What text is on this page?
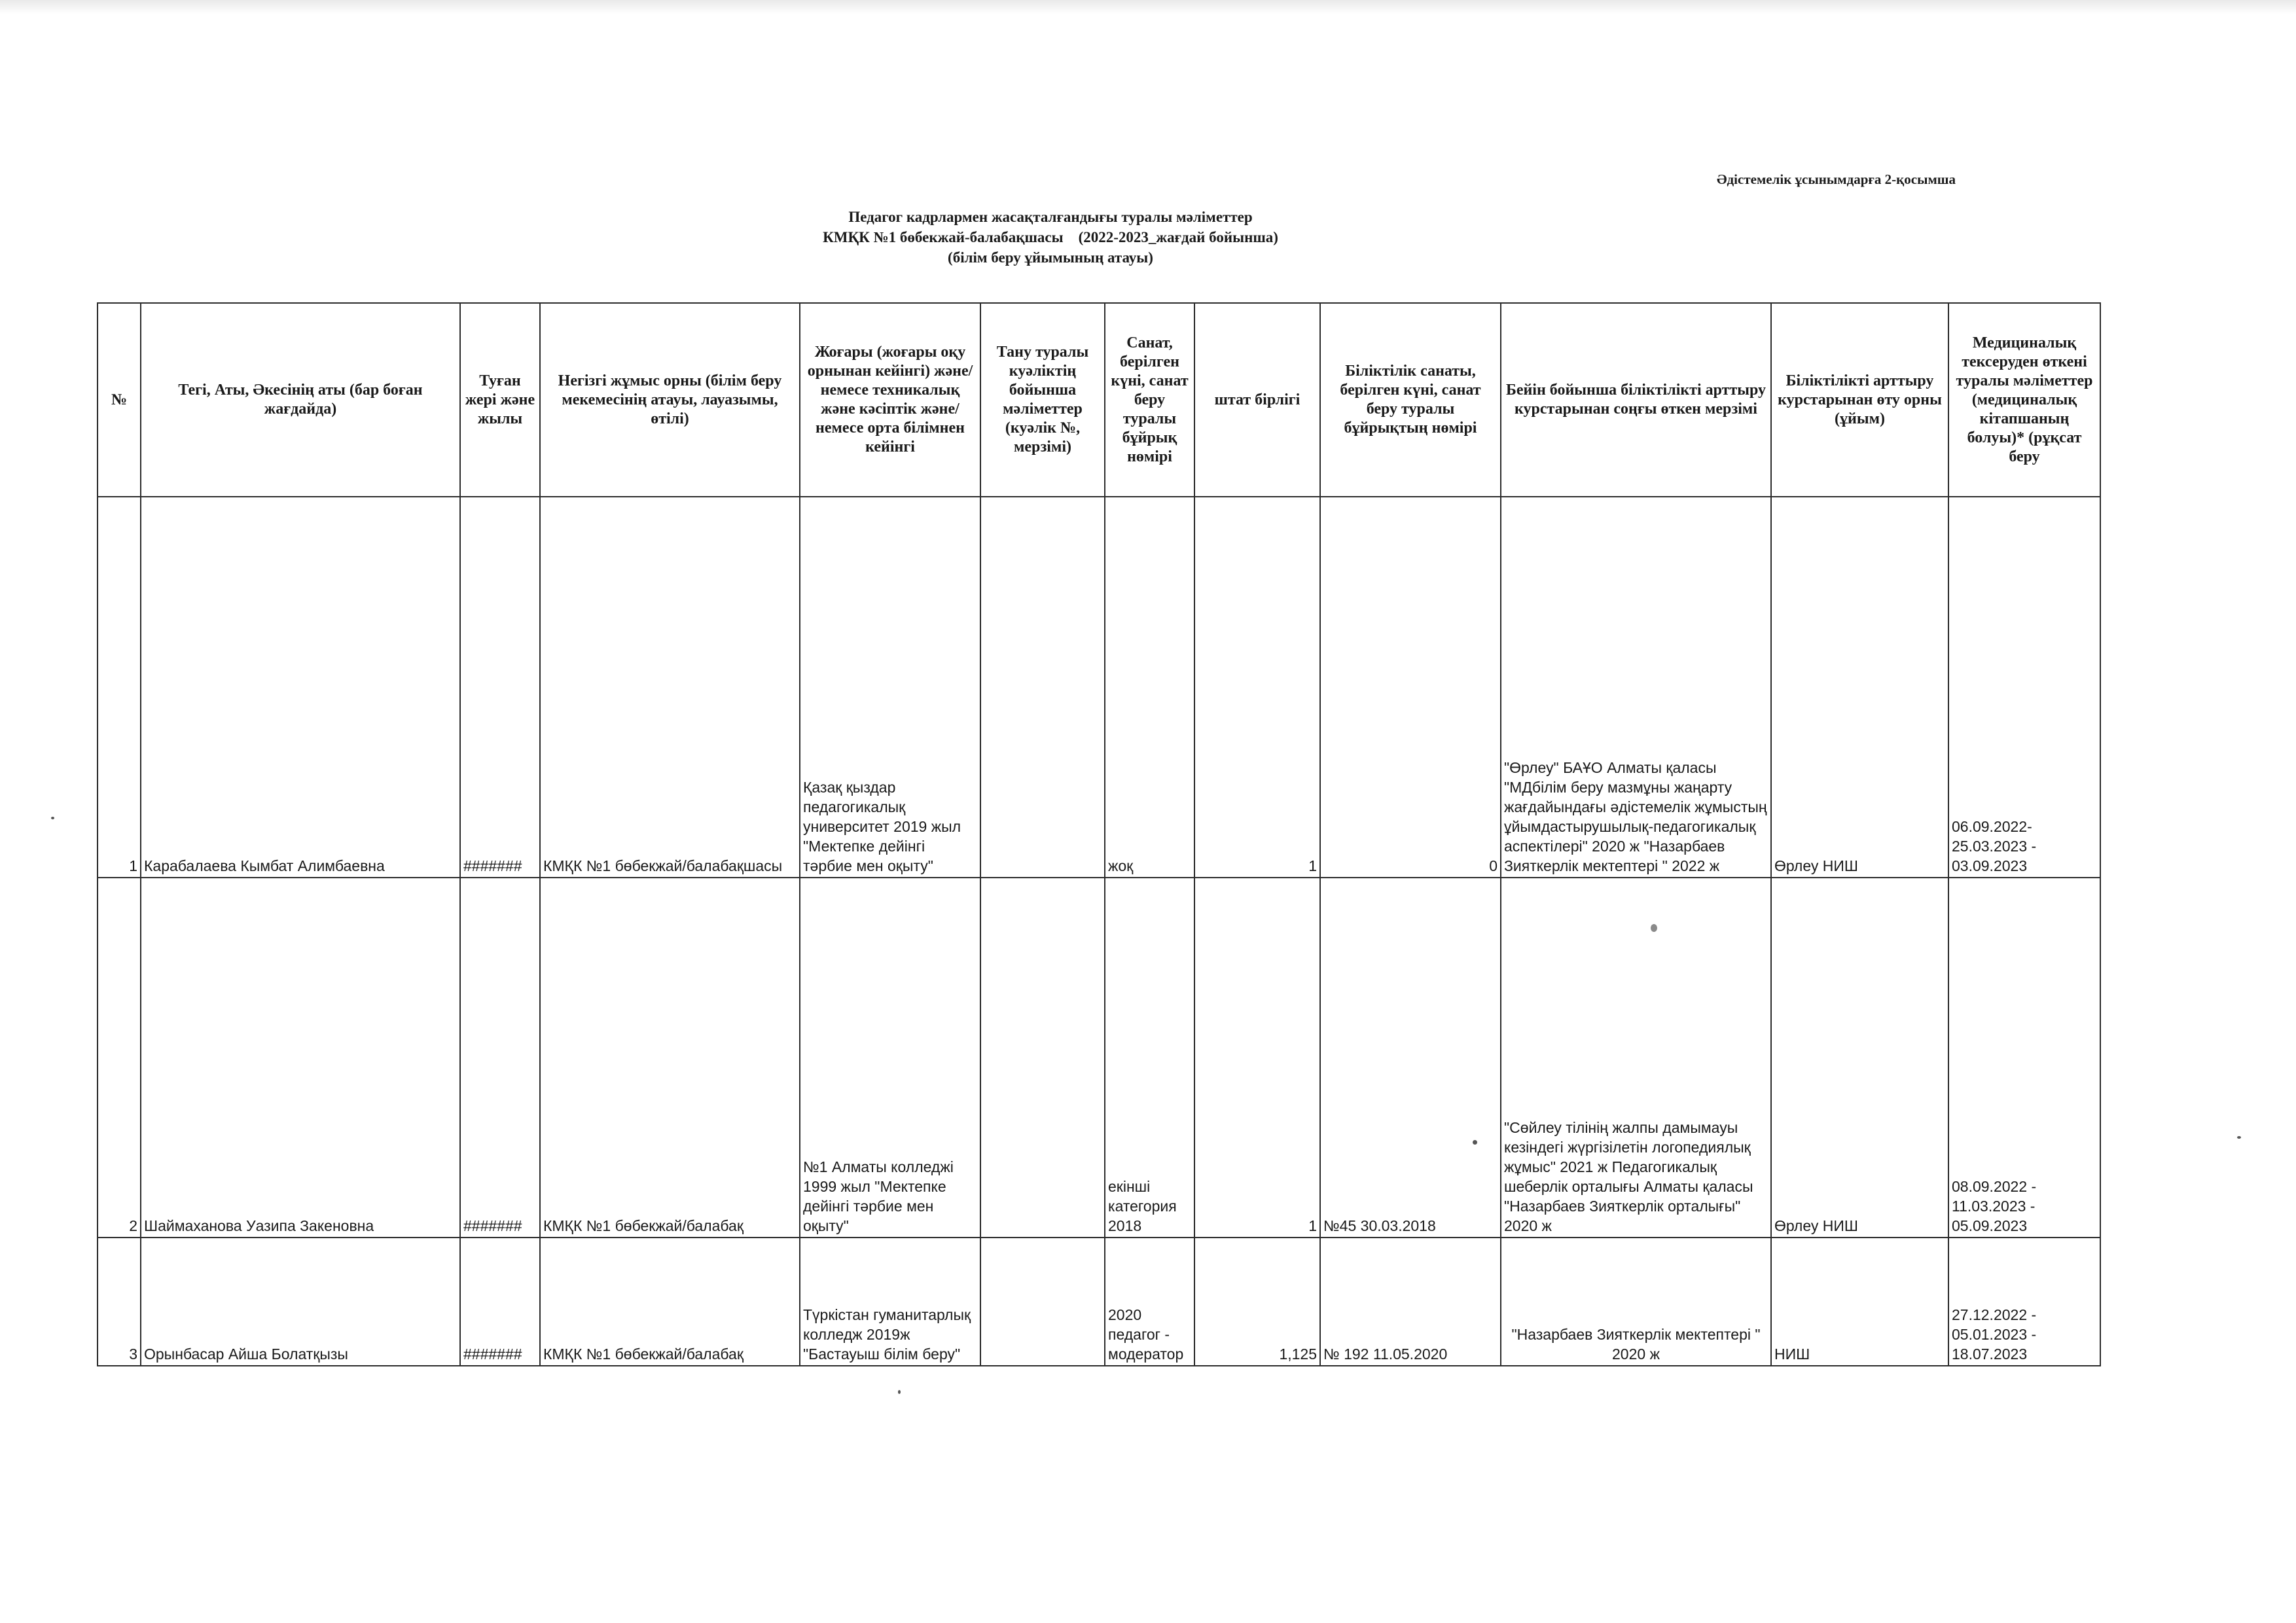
Әдістемелік ұсынымдарға 2-қосымша
Педагог кадрлармен жасақталғандығы туралы мәліметтер
КМҚК №1 бөбекжай-балабақшасы    (2022-2023_жағдай бойынша)
(білім беру ұйымының атауы)
№	Тегі, Аты, Әкесінің аты (бар боған жағдайда)	Туған жері және жылы	Негізгі жұмыс орны (білім беру мекемесінің атауы, лауазымы, өтілі)	Жоғары (жоғары оқу орнынан кейінгі) және/немесе техникалық және кәсіптік және/немесе орта білімнен кейінгі	Тану туралы куәліктің бойынша мәліметтер (куәлік №, мерзімі)	Санат, берілген күні, санат беру туралы бұйрық нөмірі	штат бірлігі	Біліктілік санаты, берілген күні, санат беру туралы бұйрықтың нөмірі	Бейін бойынша біліктілікті арттыру курстарынан соңғы өткен мерзімі	Біліктілікті арттыру курстарынан өту орны (ұйым)	Медициналық тексеруден өткені туралы мәліметтер (медициналық кітапшаның болуы)* (рұқсат беру

1	Карабалаева Кымбат Алимбаевна	#######	КМҚК №1 бөбекжай/балабақшасы	Қазақ қыздар педагогикалық университет 2019 жыл "Мектепке дейінгі тәрбие мен оқыту"		жоқ	1	0	"Өрлеу" БАҰО Алматы қаласы "МДбілім беру мазмұны жаңарту жағдайындағы әдістемелік жұмыстың ұйымдастырушылық-педагогикалық аспектілері" 2020 ж "Назарбаев Зияткерлік мектептері " 2022 ж	Өрлеу НИШ	06.09.2022-25.03.2023 - 03.09.2023
2	Шаймаханова Уазипа Закеновна	#######	КМҚК №1 бөбекжай/балабақ	№1 Алматы колледжі 1999 жыл "Мектепке дейінгі тәрбие мен оқыту"		екінші категория 2018	1	№45 30.03.2018	"Сөйлеу тілінің жалпы дамымауы кезіндегі жүргізілетін логопедиялық жұмыс" 2021 ж Педагогикалық шеберлік орталығы Алматы қаласы "Назарбаев Зияткерлік орталығы" 2020 ж	Өрлеу НИШ	08.09.2022 - 11.03.2023 - 05.09.2023
3	Орынбасар Айша Болатқызы	#######	КМҚК №1 бөбекжай/балабақ	Түркістан гуманитарлық колледж 2019ж "Бастауыш білім беру"		2020 педагог - модератор	1,125	№ 192 11.05.2020	"Назарбаев Зияткерлік мектептері " 2020 ж	НИШ	27.12.2022 - 05.01.2023 - 18.07.2023
